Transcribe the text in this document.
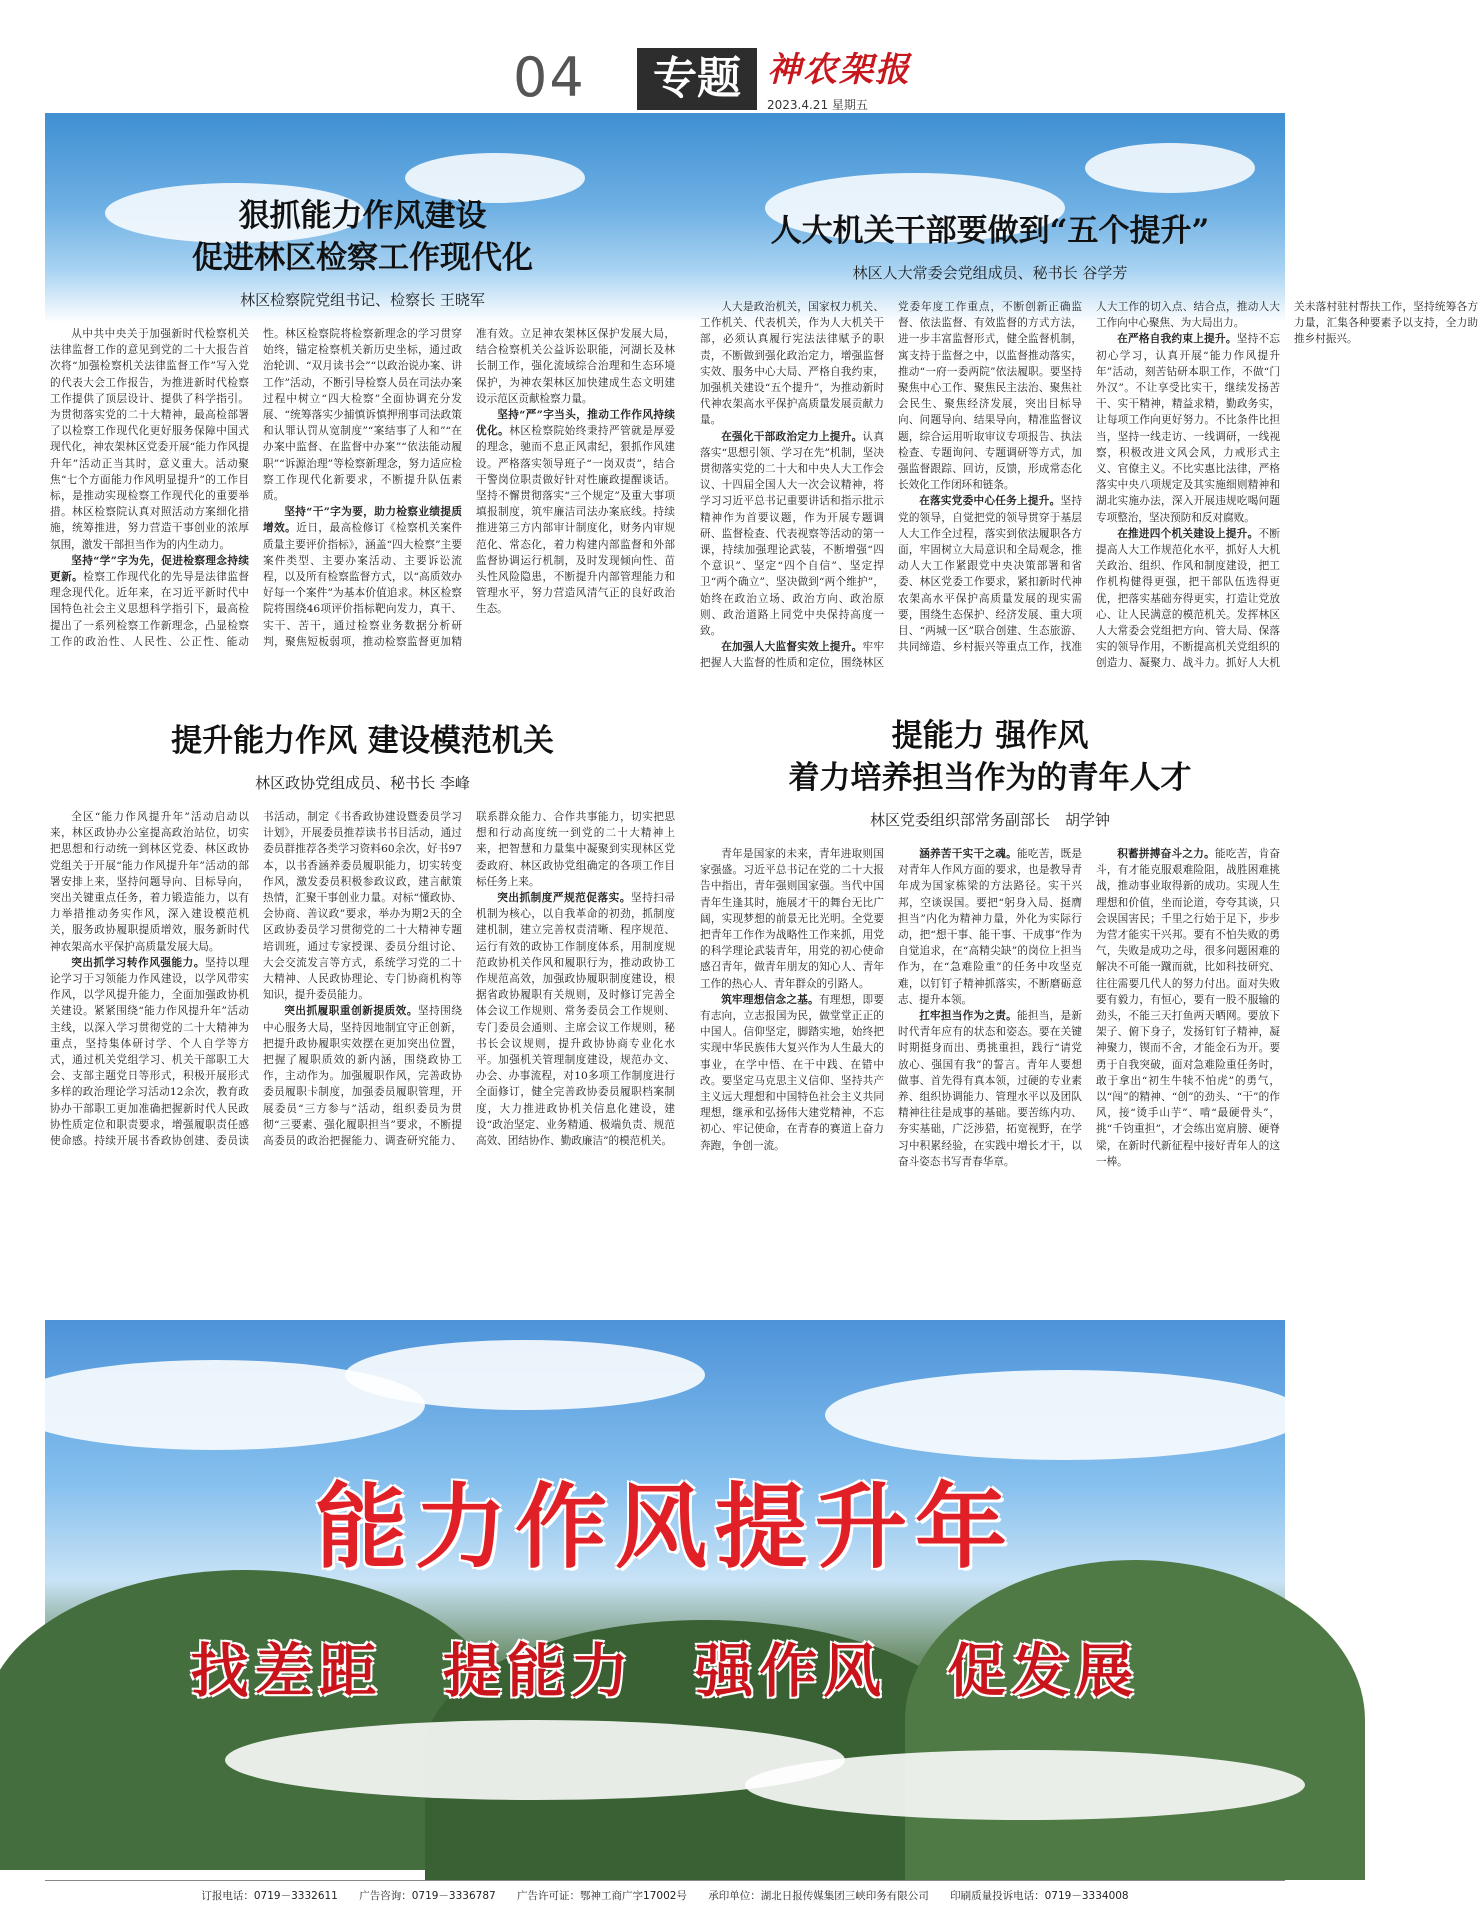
04	专题 神农架报
2023.4.21 星期五
狠抓能力作风建设
促进林区检察工作现代化
林区检察院党组书记、检察长 王晓军

从中共中央关于加强新时代检察机关法律监督工作的意见到党的二十大报告首次将“加强检察机关法律监督工作”写入党的代表大会工作报告，为推进新时代检察工作提供了顶层设计、提供了科学指引。为贯彻落实党的二十大精神，最高检部署了以检察工作现代化更好服务保障中国式现代化，神农架林区党委开展“能力作风提升年”活动正当其时，意义重大。活动聚焦“七个方面能力作风明显提升”的工作目标，是推动实现检察工作现代化的重要举措。林区检察院认真对照活动方案细化措施，统筹推进，努力营造干事创业的浓厚氛围，激发干部担当作为的内生动力。

坚持“学”字为先，促进检察理念持续更新。检察工作现代化的先导是法律监督理念现代化。近年来，在习近平新时代中国特色社会主义思想科学指引下，最高检提出了一系列检察工作新理念，凸显检察工作的政治性、人民性、公正性、能动性。林区检察院将检察新理念的学习贯穿始终，锚定检察机关新历史坐标，通过政治轮训、“双月读书会”“以政治说办案、讲工作”活动，不断引导检察人员在司法办案过程中树立“四大检察”全面协调充分发展、“统筹落实少捕慎诉慎押刑事司法政策和认罪认罚从宽制度”“案结事了人和”“在办案中监督、在监督中办案”“依法能动履职”“诉源治理”等检察新理念，努力适应检察工作现代化新要求，不断提升队伍素质。

坚持“干”字为要，助力检察业绩提质增效。近日，最高检修订《检察机关案件质量主要评价指标》，涵盖“四大检察”主要案件类型、主要办案活动、主要诉讼流程，以及所有检察监督方式，以“高质效办好每一个案件”为基本价值追求。林区检察院将围绕46项评价指标靶向发力，真干、实干、苦干，通过检察业务数据分析研判，聚焦短板弱项，推动检察监督更加精准有效。立足神农架林区保护发展大局，结合检察机关公益诉讼职能，河湖长及林长制工作，强化流域综合治理和生态环境保护，为神农架林区加快建成生态文明建设示范区贡献检察力量。

坚持“严”字当头，推动工作作风持续优化。林区检察院始终秉持严管就是厚爱的理念，驰而不息正风肃纪，狠抓作风建设。严格落实领导班子“一岗双责”，结合干警岗位职责做好针对性廉政提醒谈话。坚持不懈贯彻落实“三个规定”及重大事项填报制度，筑牢廉洁司法办案底线。持续推进第三方内部审计制度化，财务内审规范化、常态化，着力构建内部监督和外部监督协调运行机制，及时发现倾向性、苗头性风险隐患，不断提升内部管理能力和管理水平，努力营造风清气正的良好政治生态。

人大机关干部要做到“五个提升”
林区人大常委会党组成员、秘书长 谷学芳

人大是政治机关，国家权力机关、工作机关、代表机关，作为人大机关干部，必须认真履行宪法法律赋予的职责，不断做到强化政治定力，增强监督实效、服务中心大局、严格自我约束，加强机关建设“五个提升”，为推动新时代神农架高水平保护高质量发展贡献力量。

在强化干部政治定力上提升。认真落实“思想引领、学习在先”机制，坚决贯彻落实党的二十大和中央人大工作会议、十四届全国人大一次会议精神，将学习习近平总书记重要讲话和指示批示精神作为首要议题，作为开展专题调研、监督检查、代表视察等活动的第一课，持续加强理论武装，不断增强“四个意识”、坚定“四个自信”、坚定捍卫“两个确立”、坚决做到“两个维护”，始终在政治立场、政治方向、政治原则、政治道路上同党中央保持高度一致。

在加强人大监督实效上提升。牢牢把握人大监督的性质和定位，围绕林区党委年度工作重点，不断创新正确监督、依法监督、有效监督的方式方法，进一步丰富监督形式，健全监督机制，寓支持于监督之中，以监督推动落实，推动“一府一委两院”依法履职。要坚持聚焦中心工作、聚焦民主法治、聚焦社会民生、聚焦经济发展，突出目标导向、问题导向、结果导向，精准监督议题，综合运用听取审议专项报告、执法检查、专题询问、专题调研等方式，加强监督跟踪、回访，反馈，形成常态化长效化工作闭环和链条。

在落实党委中心任务上提升。坚持党的领导，自觉把党的领导贯穿于基层人大工作全过程，落实到依法履职各方面，牢固树立大局意识和全局观念，推动人大工作紧跟党中央决策部署和省委、林区党委工作要求，紧扣新时代神农架高水平保护高质量发展的现实需要，围绕生态保护、经济发展、重大项目、“两城一区”联合创建、生态旅游、共同缔造、乡村振兴等重点工作，找准人大工作的切入点、结合点，推动人大工作向中心聚焦、为大局出力。

在严格自我约束上提升。坚持不忘初心学习，认真开展“能力作风提升年”活动，刻苦钻研本职工作，不做“门外汉”。不让享受比实干，继续发扬苦干、实干精神，精益求精，勤政务实，让每项工作向更好努力。不比条件比担当，坚持一线走访、一线调研，一线视察，积极改进文风会风，力戒形式主义、官僚主义。不比实惠比法律，严格落实中央八项规定及其实施细则精神和湖北实施办法，深入开展违规吃喝问题专项整治，坚决预防和反对腐败。

在推进四个机关建设上提升。不断提高人大工作规范化水平，抓好人大机关政治、组织、作风和制度建设，把工作机构健得更强，把干部队伍选得更优，把落实基础夯得更实，打造让党放心、让人民满意的模范机关。发挥林区人大常委会党组把方向、管大局、保落实的领导作用，不断提高机关党组织的创造力、凝聚力、战斗力。抓好人大机关未落村驻村帮扶工作，坚持统筹各方力量，汇集各种要素予以支持，全力助推乡村振兴。

提升能力作风 建设模范机关
林区政协党组成员、秘书长 李峰

全区“能力作风提升年”活动启动以来，林区政协办公室提高政治站位，切实把思想和行动统一到林区党委、林区政协党组关于开展“能力作风提升年”活动的部署安排上来，坚持问题导向、目标导向，突出关键重点任务，着力锻造能力，以有力举措推动务实作风，深入建设模范机关，服务政协履职提质增效，服务新时代神农架高水平保护高质量发展大局。

突出抓学习转作风强能力。坚持以理论学习于习领能力作风建设，以学风带实作风，以学风提升能力，全面加强政协机关建设。紧紧围绕“能力作风提升年”活动主线，以深入学习贯彻党的二十大精神为重点，坚持集体研讨学、个人自学等方式，通过机关党组学习、机关干部职工大会、支部主题党日等形式，积极开展形式多样的政治理论学习活动12余次，教育政协办干部职工更加准确把握新时代人民政协性质定位和职责要求，增强履职责任感使命感。持续开展书香政协创建、委员读书活动，制定《书香政协建设暨委员学习计划》，开展委员推荐读书书目活动，通过委员群推荐各类学习资料60余次，好书97本，以书香涵养委员履职能力，切实转变作风，激发委员积极参政议政，建言献策热情，汇聚干事创业力量。对标“懂政协、会协商、善议政”要求，举办为期2天的全区政协委员学习贯彻党的二十大精神专题培训班，通过专家授课、委员分组讨论、大会交流发言等方式，系统学习党的二十大精神、人民政协理论、专门协商机构等知识，提升委员能力。

突出抓履职重创新提质效。坚持围绕中心服务大局，坚持因地制宜守正创新，把提升政协履职实效摆在更加突出位置，把握了履职质效的新内涵，围绕政协工作，主动作为。加强履职作风，完善政协委员履职卡制度，加强委员履职管理，开展委员“三方参与”活动，组织委员为贯彻“三要素、强化履职担当”要求，不断提高委员的政治把握能力、调查研究能力、联系群众能力、合作共事能力，切实把思想和行动高度统一到党的二十大精神上来，把智慧和力量集中凝聚到实现林区党委政府、林区政协党组确定的各项工作目标任务上来。

突出抓制度严规范促落实。坚持扫帚机制为核心，以自我革命的初劲，抓制度建机制，建立完善权责清晰、程序规范、运行有效的政协工作制度体系，用制度规范政协机关作风和履职行为，推动政协工作规范高效，加强政协履职制度建设，根据省政协履职有关规则，及时修订完善全体会议工作规则、常务委员会工作规则、专门委员会通则、主席会议工作规则，秘书长会议规则，提升政协协商专业化水平。加强机关管理制度建设，规范办文、办会、办事流程，对10多项工作制度进行全面修订，健全完善政协委员履职档案制度，大力推进政协机关信息化建设，建设“政治坚定、业务精通、极端负责、规范高效、团结协作、勤政廉洁”的模范机关。

提能力 强作风
着力培养担当作为的青年人才
林区党委组织部常务副部长　胡学钟

青年是国家的未来，青年进取则国家强盛。习近平总书记在党的二十大报告中指出，青年强则国家强。当代中国青年生逢其时，施展才干的舞台无比广阔，实现梦想的前景无比光明。全党要把青年工作作为战略性工作来抓，用党的科学理论武装青年，用党的初心使命感召青年，做青年朋友的知心人、青年工作的热心人、青年群众的引路人。

筑牢理想信念之基。有理想，即要有志向，立志报国为民，做堂堂正正的中国人。信仰坚定，脚踏实地，始终把实现中华民族伟大复兴作为人生最大的事业，在学中悟、在干中践、在错中改。要坚定马克思主义信仰、坚持共产主义远大理想和中国特色社会主义共同理想，继承和弘扬伟大建党精神，不忘初心、牢记使命，在青春的赛道上奋力奔跑，争创一流。

涵养苦干实干之魂。能吃苦，既是对青年人作风方面的要求，也是教导青年成为国家栋梁的方法路径。实干兴邦，空谈误国。要把“躬身入局、挺膺担当”内化为精神力量，外化为实际行动，把“想干事、能干事、干成事”作为自觉追求，在“高精尖缺”的岗位上担当作为，在“急难险重”的任务中攻坚克难，以钉钉子精神抓落实，不断磨砺意志、提升本领。

扛牢担当作为之责。能担当，是新时代青年应有的状态和姿态。要在关键时期挺身而出、勇挑重担，践行“请党放心、强国有我”的誓言。青年人要想做事、首先得有真本领，过硬的专业素养、组织协调能力、管理水平以及团队精神往往是成事的基础。要苦练内功、夯实基础，广泛涉猎，拓宽视野，在学习中积累经验，在实践中增长才干，以奋斗姿态书写青春华章。

积蓄拼搏奋斗之力。能吃苦，肯奋斗，有才能克服艰难险阻，战胜困难挑战，推动事业取得新的成功。实现人生理想和价值，坐而论道，夸夸其谈，只会误国害民；千里之行始于足下，步步为营才能实干兴邦。要有不怕失败的勇气，失败是成功之母，很多问题困难的解决不可能一蹴而就，比如科技研究、往往需要几代人的努力付出。面对失败要有毅力，有恒心，要有一股不服输的劲头，不能三天打鱼两天晒网。要放下架子、俯下身子，发扬钉钉子精神，凝神聚力，锲而不舍，才能金石为开。要勇于自我突破，面对急难险重任务时，敢于拿出“初生牛犊不怕虎”的勇气，以“闯”的精神、“创”的劲头、“干”的作风，接“烫手山芋”、啃“最硬骨头”，挑“千钧重担”，才会练出宽肩膀、硬脊梁，在新时代新征程中接好青年人的这一棒。

能力作风提升年
找差距 提能力 强作风 促发展
订报电话：0719－3332611 广告咨询：0719－3336787 广告许可证：鄂神工商广字17002号 承印单位：湖北日报传媒集团三峡印务有限公司 印刷质量投诉电话：0719－3334008
